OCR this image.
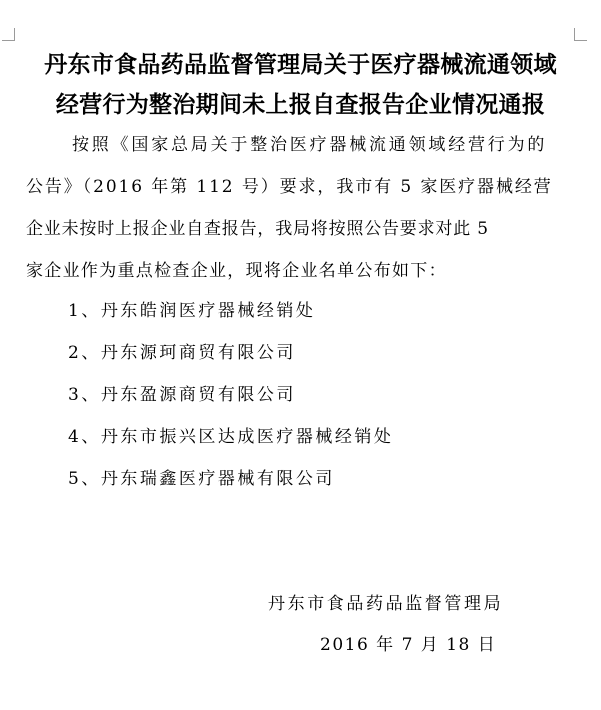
丹东市食品药品监督管理局关于医疗器械流通领域
经营行为整治期间未上报自查报告企业情况通报
按照《国家总局关于整治医疗器械流通领域经营行为的
公告》（2016 年第 112 号）要求，我市有 5 家医疗器械经营
企业未按时上报企业自查报告，我局将按照公告要求对此 5
家企业作为重点检查企业，现将企业名单公布如下：
1、丹东皓润医疗器械经销处
2、丹东源珂商贸有限公司
3、丹东盈源商贸有限公司
4、丹东市振兴区达成医疗器械经销处
5、丹东瑞鑫医疗器械有限公司
丹东市食品药品监督管理局
2016 年 7 月 18 日
